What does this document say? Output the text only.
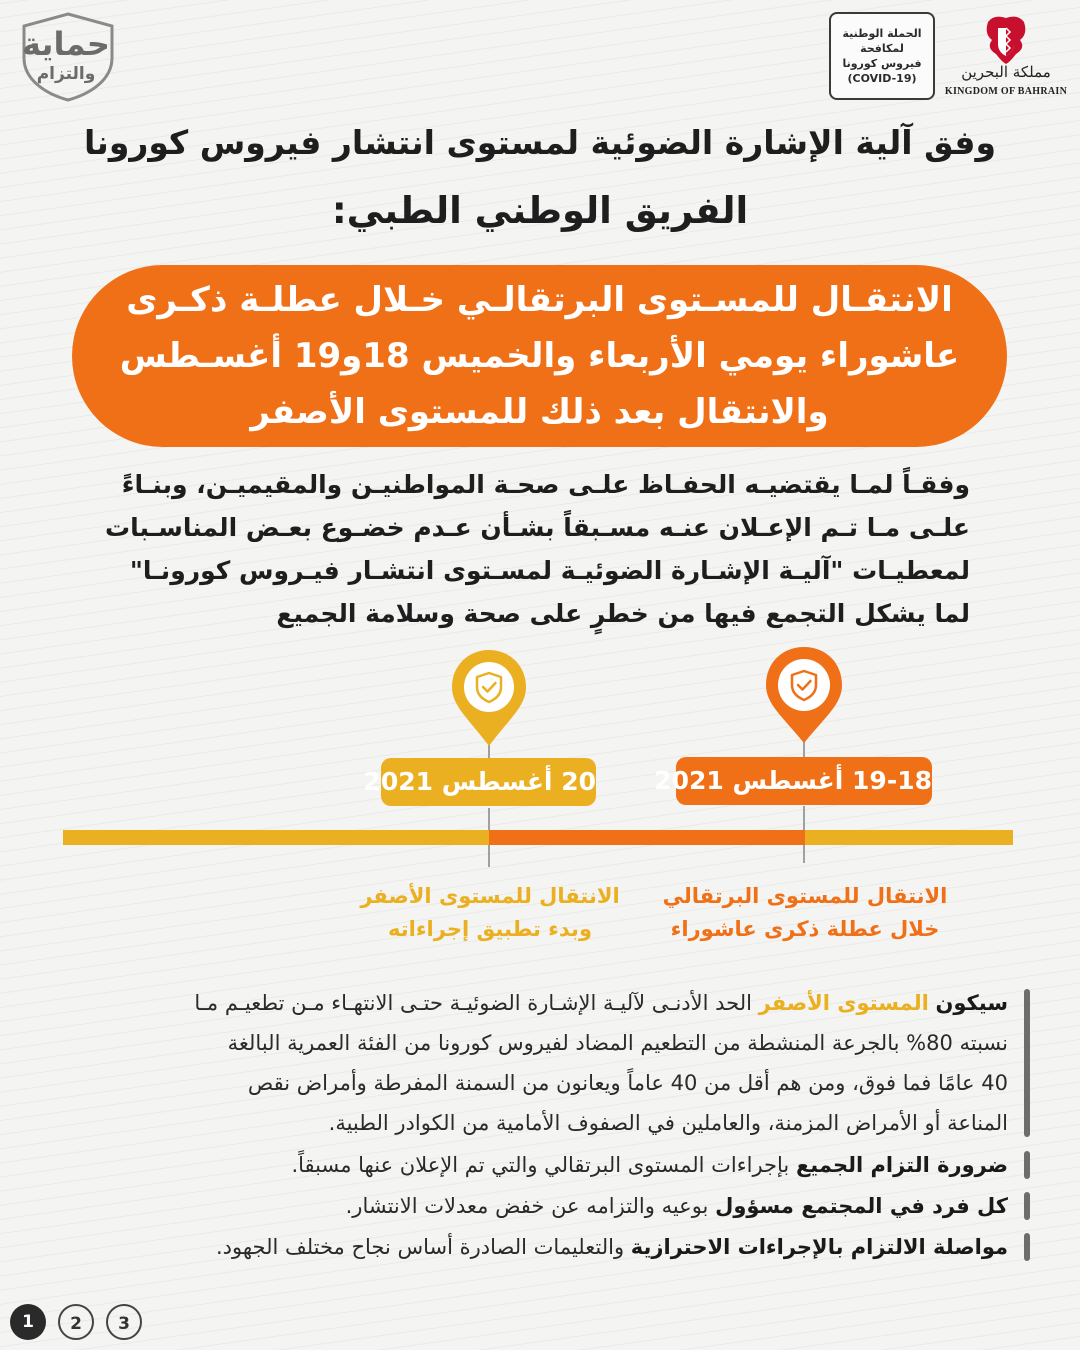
حماية
والتزام
الحملة الوطنية
لمكافحة
فيروس كورونا
(COVID-19)	مملكة البحرين
KINGDOM OF BAHRAIN
وفق آلية الإشارة الضوئية لمستوى انتشار فيروس كورونا
الفريق الوطني الطبي:
الانتقـال للمسـتوى البرتقالـي خـلال عطلـة ذكـرى
عاشوراء يومي الأربعاء والخميس 18و19 أغسـطس
والانتقال بعد ذلك للمستوى الأصفر
وفقـاً لمـا يقتضيـه الحفـاظ علـى صحـة المواطنيـن والمقيميـن، وبنـاءً
علـى مـا تـم الإعـلان عنـه مسـبقاً بشـأن عـدم خضـوع بعـض المناسـبات
لمعطيـات "آليـة الإشـارة الضوئيـة لمسـتوى انتشـار فيـروس كورونـا"
لما يشكل التجمع فيها من خطرٍ على صحة وسلامة الجميع
20 أغسطس 2021 19-18 أغسطس 2021
الانتقال للمستوى الأصفر
وبدء تطبيق إجراءاته
الانتقال للمستوى البرتقالي
خلال عطلة ذكرى عاشوراء

سيكون المستوى الأصفر الحد الأدنـى لآليـة الإشـارة الضوئيـة حتـى الانتهـاء مـن تطعيـم مـا
نسبته 80% بالجرعة المنشطة من التطعيم المضاد لفيروس كورونا من الفئة العمرية البالغة
40 عامًا فما فوق، ومن هم أقل من 40 عاماً ويعانون من السمنة المفرطة وأمراض نقص
المناعة أو الأمراض المزمنة، والعاملين في الصفوف الأمامية من الكوادر الطبية.

ضرورة التزام الجميع بإجراءات المستوى البرتقالي والتي تم الإعلان عنها مسبقاً.

كل فرد في المجتمع مسؤول بوعيه والتزامه عن خفض معدلات الانتشار.

مواصلة الالتزام بالإجراءات الاحترازية والتعليمات الصادرة أساس نجاح مختلف الجهود.

1	2	3
